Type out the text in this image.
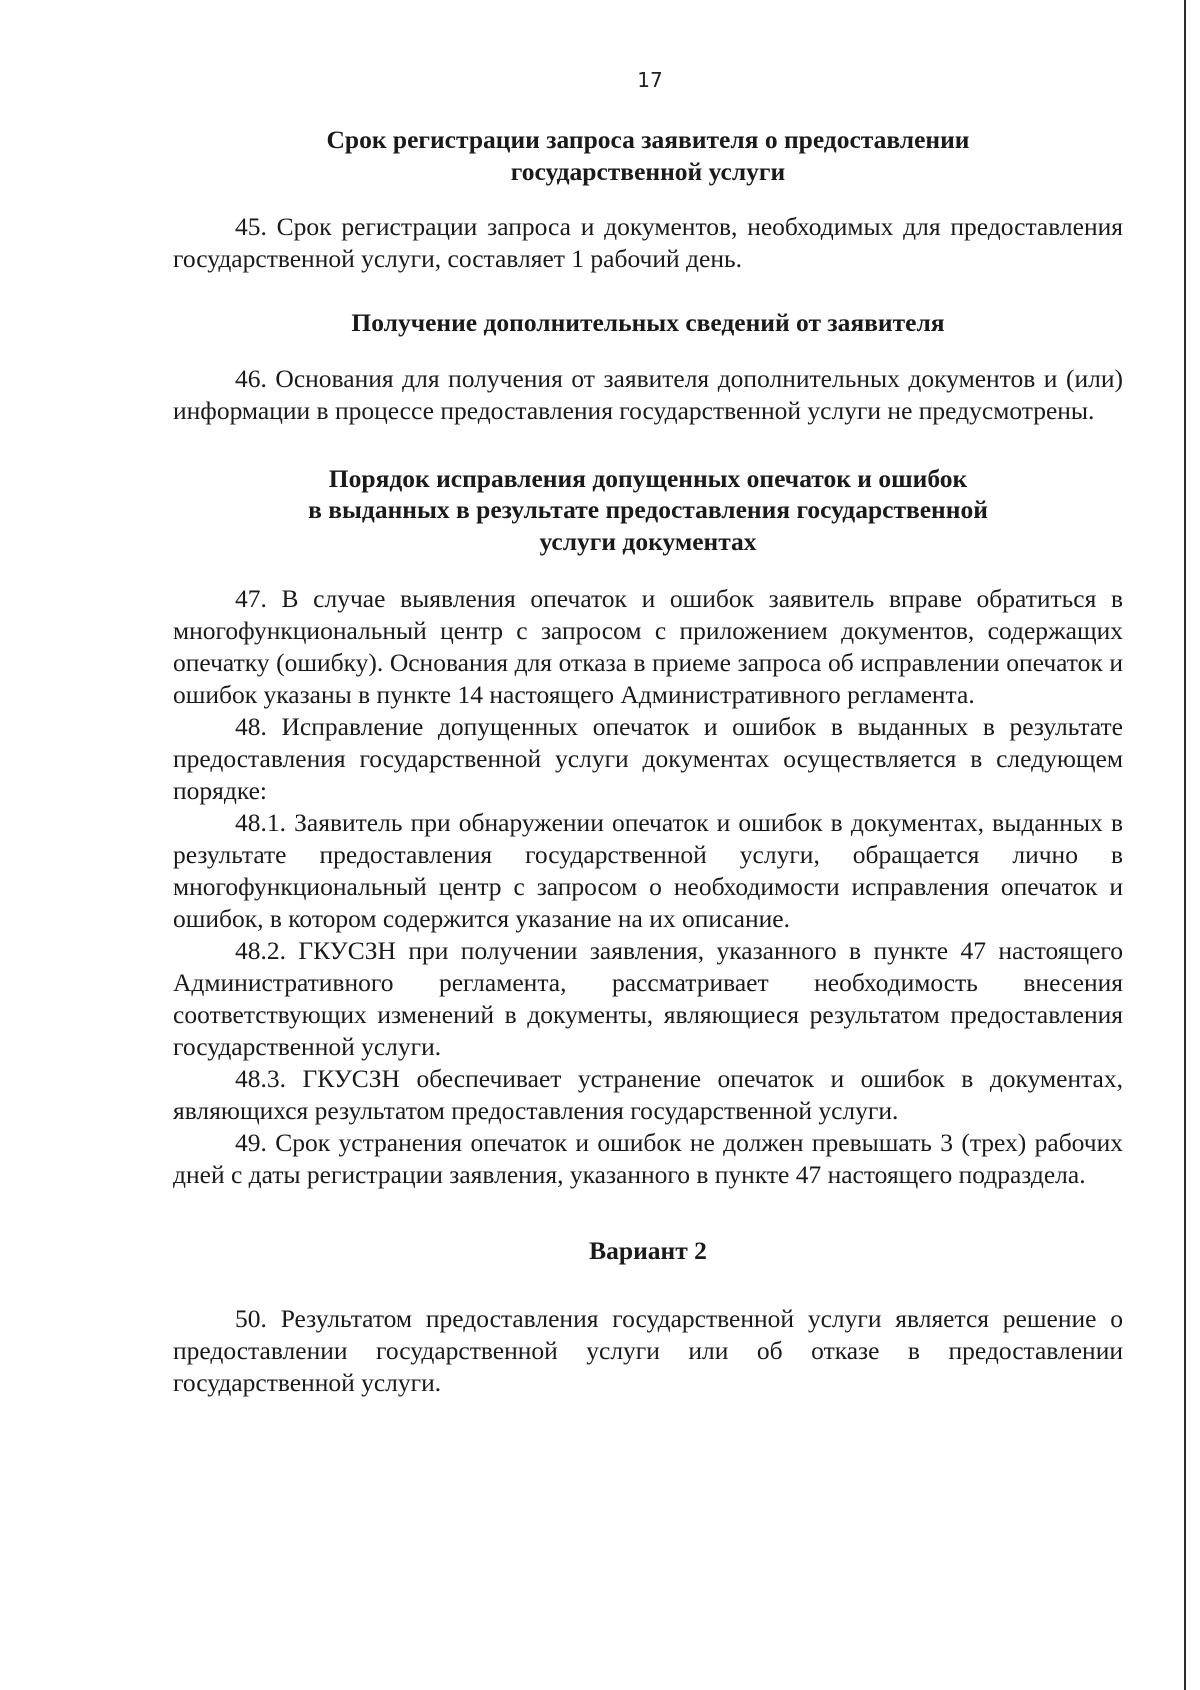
17

Срок регистрации запроса заявителя о предоставлении

государственной услуги

45. Срок регистрации запроса и документов, необходимых для предоставления государственной услуги, составляет 1 рабочий день.

Получение дополнительных сведений от заявителя

46. Основания для получения от заявителя дополнительных документов и (или) информации в процессе предоставления государственной услуги не предусмотрены.

Порядок исправления допущенных опечаток и ошибок

в выданных в результате предоставления государственной

услуги документах

47. В случае выявления опечаток и ошибок заявитель вправе обратиться в многофункциональный центр с запросом с приложением документов, содержащих опечатку (ошибку). Основания для отказа в приеме запроса об исправлении опечаток и ошибок указаны в пункте 14 настоящего Административного регламента.

48. Исправление допущенных опечаток и ошибок в выданных в результате предоставления государственной услуги документах осуществляется в следующем порядке:

48.1. Заявитель при обнаружении опечаток и ошибок в документах, выданных в результате предоставления государственной услуги, обращается лично в многофункциональный центр с запросом о необходимости исправления опечаток и ошибок, в котором содержится указание на их описание.

48.2. ГКУСЗН при получении заявления, указанного в пункте 47 настоящего Административного регламента, рассматривает необходимость внесения соответствующих изменений в документы, являющиеся результатом предоставления государственной услуги.

48.3. ГКУСЗН обеспечивает устранение опечаток и ошибок в документах, являющихся результатом предоставления государственной услуги.

49. Срок устранения опечаток и ошибок не должен превышать 3 (трех) рабочих дней с даты регистрации заявления, указанного в пункте 47 настоящего подраздела.

Вариант 2

50. Результатом предоставления государственной услуги является решение о предоставлении государственной услуги или об отказе в предоставлении государственной услуги.
